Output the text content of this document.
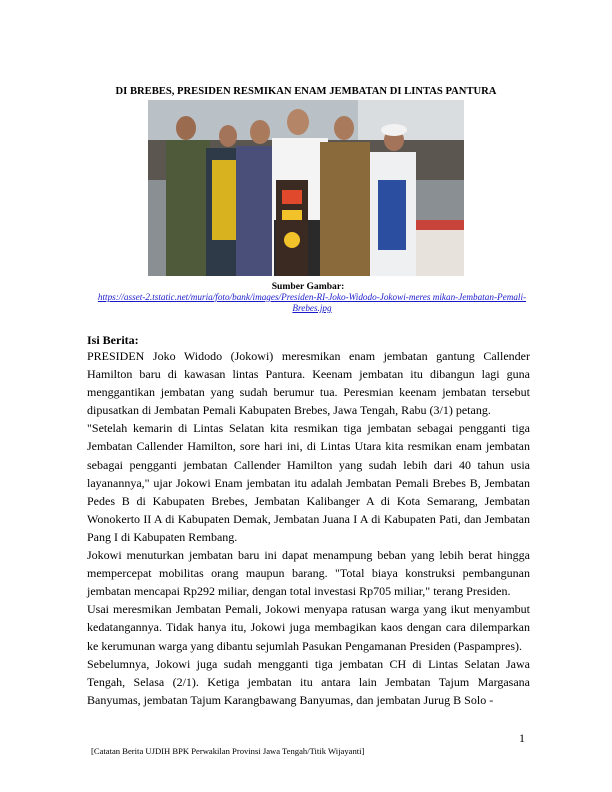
DI BREBES, PRESIDEN RESMIKAN ENAM JEMBATAN DI LINTAS PANTURA
Sumber Gambar:
https://asset-2.tstatic.net/muria/foto/bank/images/Presiden-RI-Joko-Widodo-Jokowi-meres mikan-Jembatan-Pemali-Brebes.jpg
Isi Berita:

PRESIDEN Joko Widodo (Jokowi) meresmikan enam jembatan gantung Callender Hamilton baru di kawasan lintas Pantura. Keenam jembatan itu dibangun lagi guna menggantikan jembatan yang sudah berumur tua. Peresmian keenam jembatan tersebut dipusatkan di Jembatan Pemali Kabupaten Brebes, Jawa Tengah, Rabu (3/1) petang.

"Setelah kemarin di Lintas Selatan kita resmikan tiga jembatan sebagai pengganti tiga Jembatan Callender Hamilton, sore hari ini, di Lintas Utara kita resmikan enam jembatan sebagai pengganti jembatan Callender Hamilton yang sudah lebih dari 40 tahun usia layanannya," ujar Jokowi Enam jembatan itu adalah Jembatan Pemali Brebes B, Jembatan Pedes B di Kabupaten Brebes, Jembatan Kalibanger A di Kota Semarang, Jembatan Wonokerto II A di Kabupaten Demak, Jembatan Juana I A di Kabupaten Pati, dan Jembatan Pang I di Kabupaten Rembang.

Jokowi menuturkan jembatan baru ini dapat menampung beban yang lebih berat hingga mempercepat mobilitas orang maupun barang. "Total biaya konstruksi pembangunan jembatan mencapai Rp292 miliar, dengan total investasi Rp705 miliar," terang Presiden.

Usai meresmikan Jembatan Pemali, Jokowi menyapa ratusan warga yang ikut menyambut kedatangannya. Tidak hanya itu, Jokowi juga membagikan kaos dengan cara dilemparkan ke kerumunan warga yang dibantu sejumlah Pasukan Pengamanan Presiden (Paspampres).

Sebelumnya, Jokowi juga sudah mengganti tiga jembatan CH di Lintas Selatan Jawa Tengah, Selasa (2/1). Ketiga jembatan itu antara lain Jembatan Tajum Margasana Banyumas, jembatan Tajum Karangbawang Banyumas, dan jembatan Jurug B Solo -

1
[Catatan Berita UJDIH BPK Perwakilan Provinsi Jawa Tengah/Titik Wijayanti]
